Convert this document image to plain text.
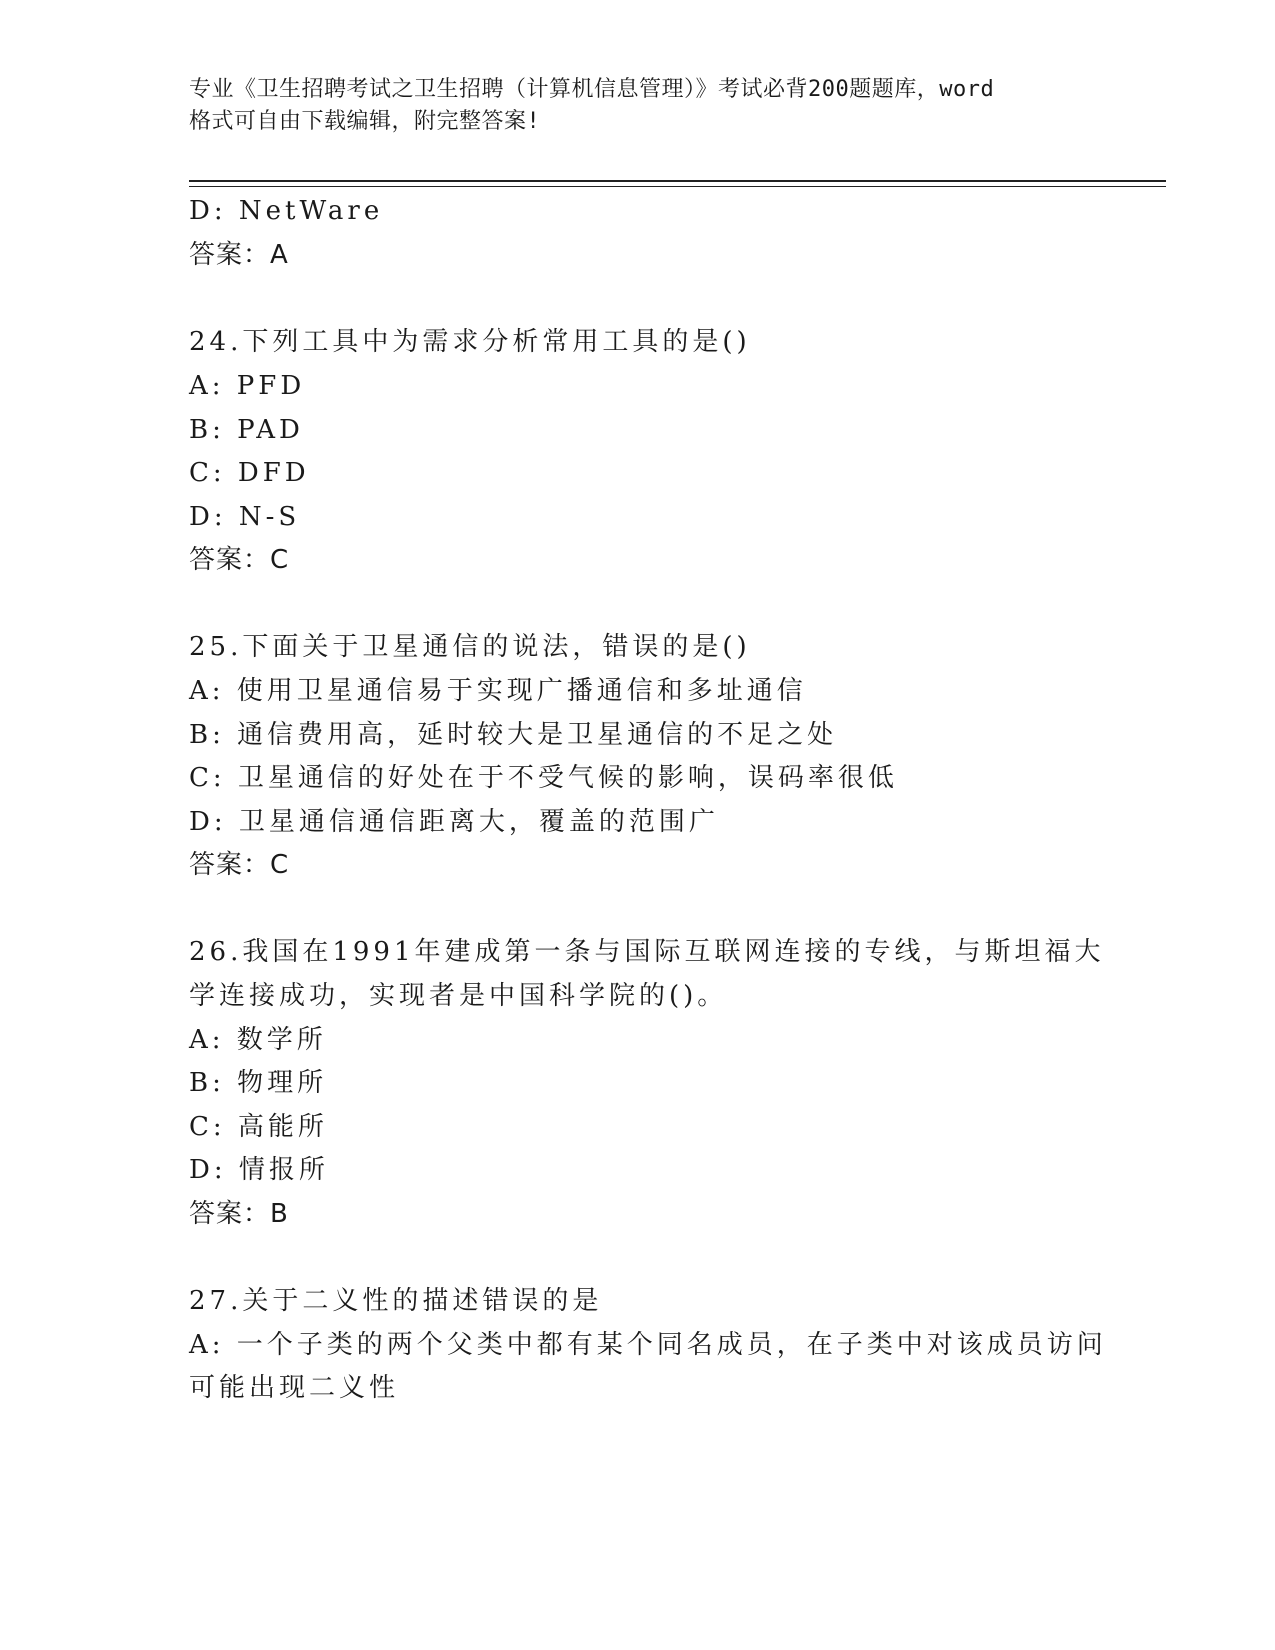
专业《卫生招聘考试之卫生招聘（计算机信息管理）》考试必背200题题库，word
格式可自由下载编辑，附完整答案!
D: NetWare
答案：A
24.下列工具中为需求分析常用工具的是()
A: PFD
B: PAD
C: DFD
D: N-S
答案：C
25.下面关于卫星通信的说法，错误的是()
A: 使用卫星通信易于实现广播通信和多址通信
B: 通信费用高，延时较大是卫星通信的不足之处
C: 卫星通信的好处在于不受气候的影响，误码率很低
D: 卫星通信通信距离大，覆盖的范围广
答案：C
26.我国在1991年建成第一条与国际互联网连接的专线，与斯坦福大
学连接成功，实现者是中国科学院的()。
A: 数学所
B: 物理所
C: 高能所
D: 情报所
答案：B
27.关于二义性的描述错误的是
A: 一个子类的两个父类中都有某个同名成员，在子类中对该成员访问
可能出现二义性
